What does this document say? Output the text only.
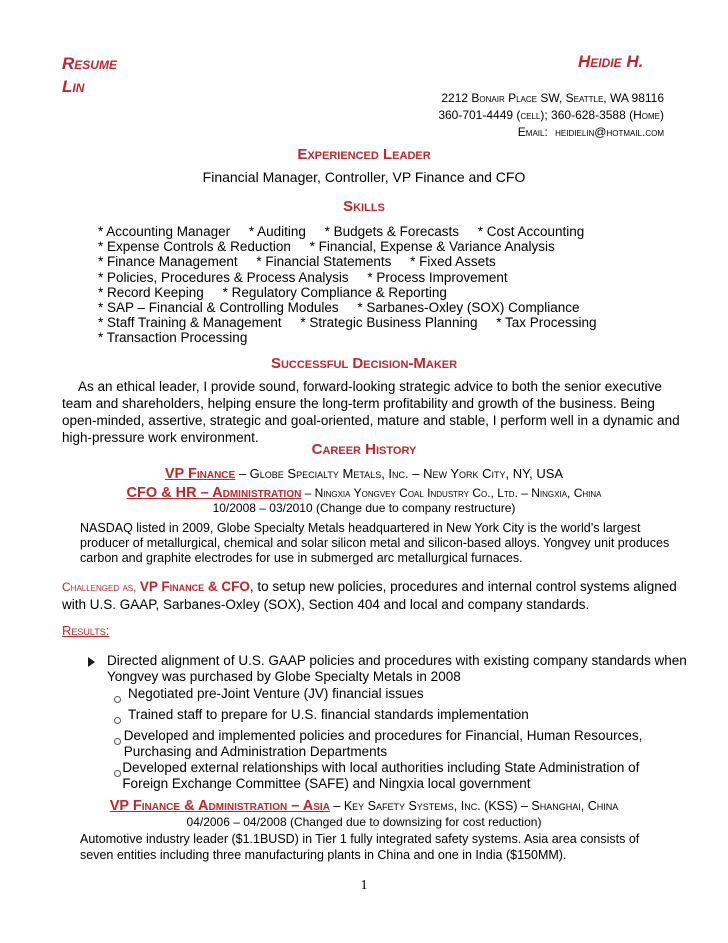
Resume
Lin
Heidie H.
2212 Bonair Place SW, Seattle, WA 98116
360-701-4449 (cell); 360-628-3588 (Home)
Email: heidielin@hotmail.com
Experienced Leader
Financial Manager, Controller, VP Finance and CFO
Skills
* Accounting Manager     * Auditing     * Budgets & Forecasts     * Cost Accounting
* Expense Controls & Reduction     * Financial, Expense & Variance Analysis
* Finance Management     * Financial Statements     * Fixed Assets
* Policies, Procedures & Process Analysis     * Process Improvement
* Record Keeping     * Regulatory Compliance & Reporting
* SAP – Financial & Controlling Modules     * Sarbanes-Oxley (SOX) Compliance
* Staff Training & Management     * Strategic Business Planning     * Tax Processing
* Transaction Processing
Successful Decision-Maker
As an ethical leader, I provide sound, forward-looking strategic advice to both the senior executive team and shareholders, helping ensure the long-term profitability and growth of the business. Being open-minded, assertive, strategic and goal-oriented, mature and stable, I perform well in a dynamic and high-pressure work environment.
Career History
VP Finance – Globe Specialty Metals, Inc. – New York City, NY, USA
CFO & HR – Administration – Ningxia Yongvey Coal Industry Co., Ltd. – Ningxia, China
10/2008 – 03/2010 (Change due to company restructure)
NASDAQ listed in 2009, Globe Specialty Metals headquartered in New York City is the world’s largest producer of metallurgical, chemical and solar silicon metal and silicon-based alloys. Yongvey unit produces carbon and graphite electrodes for use in submerged arc metallurgical furnaces.
Challenged as, VP Finance & CFO, to setup new policies, procedures and internal control systems aligned with U.S. GAAP, Sarbanes-Oxley (SOX), Section 404 and local and company standards.
Results:
Directed alignment of U.S. GAAP policies and procedures with existing company standards when Yongvey was purchased by Globe Specialty Metals in 2008
Negotiated pre-Joint Venture (JV) financial issues
Trained staff to prepare for U.S. financial standards implementation
Developed and implemented policies and procedures for Financial, Human Resources, Purchasing and Administration Departments
Developed external relationships with local authorities including State Administration of Foreign Exchange Committee (SAFE) and Ningxia local government
VP Finance & Administration – Asia – Key Safety Systems, Inc. (KSS) – Shanghai, China
04/2006 – 04/2008 (Changed due to downsizing for cost reduction)
Automotive industry leader ($1.1BUSD) in Tier 1 fully integrated safety systems. Asia area consists of seven entities including three manufacturing plants in China and one in India ($150MM).
1
